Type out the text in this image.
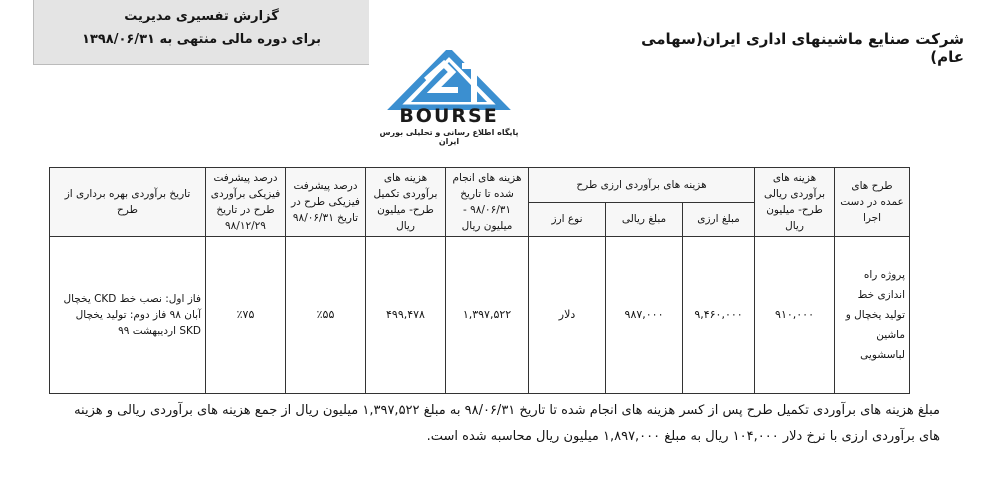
گزارش تفسیری مدیریت
برای دوره مالی منتهی به ۱۳۹۸/۰۶/۳۱	شرکت صنایع ماشینهای اداری ایران(سهامی عام)
BOURSE
پایگاه اطلاع رسانی و تحلیلی بورس ایران
طرح های عمده در دست اجرا	هزینه های برآوردی ریالی طرح- میلیون ریال	هزینه های برآوردی ارزی طرح			هزینه های انجام شده تا تاریخ ۹۸/۰۶/۳۱ - میلیون ریال	هزینه های برآوردی تکمیل طرح- میلیون ریال	درصد پیشرفت فیزیکی طرح در تاریخ ۹۸/۰۶/۳۱	درصد پیشرفت فیزیکی برآوردی طرح در تاریخ ۹۸/۱۲/۲۹	تاریخ برآوردی بهره برداری از طرح
		مبلغ ارزی	مبلغ ریالی	نوع ارز					
پروژه راه اندازی خط تولید یخچال و ماشین لباسشویی	۹۱۰,۰۰۰	۹,۴۶۰,۰۰۰	۹۸۷,۰۰۰	دلار	۱,۳۹۷,۵۲۲	۴۹۹,۴۷۸	٪۵۵	٪۷۵	فاز اول: نصب خط CKD یخچال آبان ۹۸ فاز دوم: تولید یخچال SKD اردیبهشت ۹۹
مبلغ هزینه های برآوردی تکمیل طرح پس از کسر هزینه های انجام شده تا تاریخ ۹۸/۰۶/۳۱ به مبلغ ۱,۳۹۷,۵۲۲ میلیون ریال از جمع هزینه های برآوردی ریالی و هزینه های برآوردی ارزی با نرخ دلار ۱۰۴,۰۰۰ ریال به مبلغ ۱,۸۹۷,۰۰۰ میلیون ریال محاسبه شده است.
